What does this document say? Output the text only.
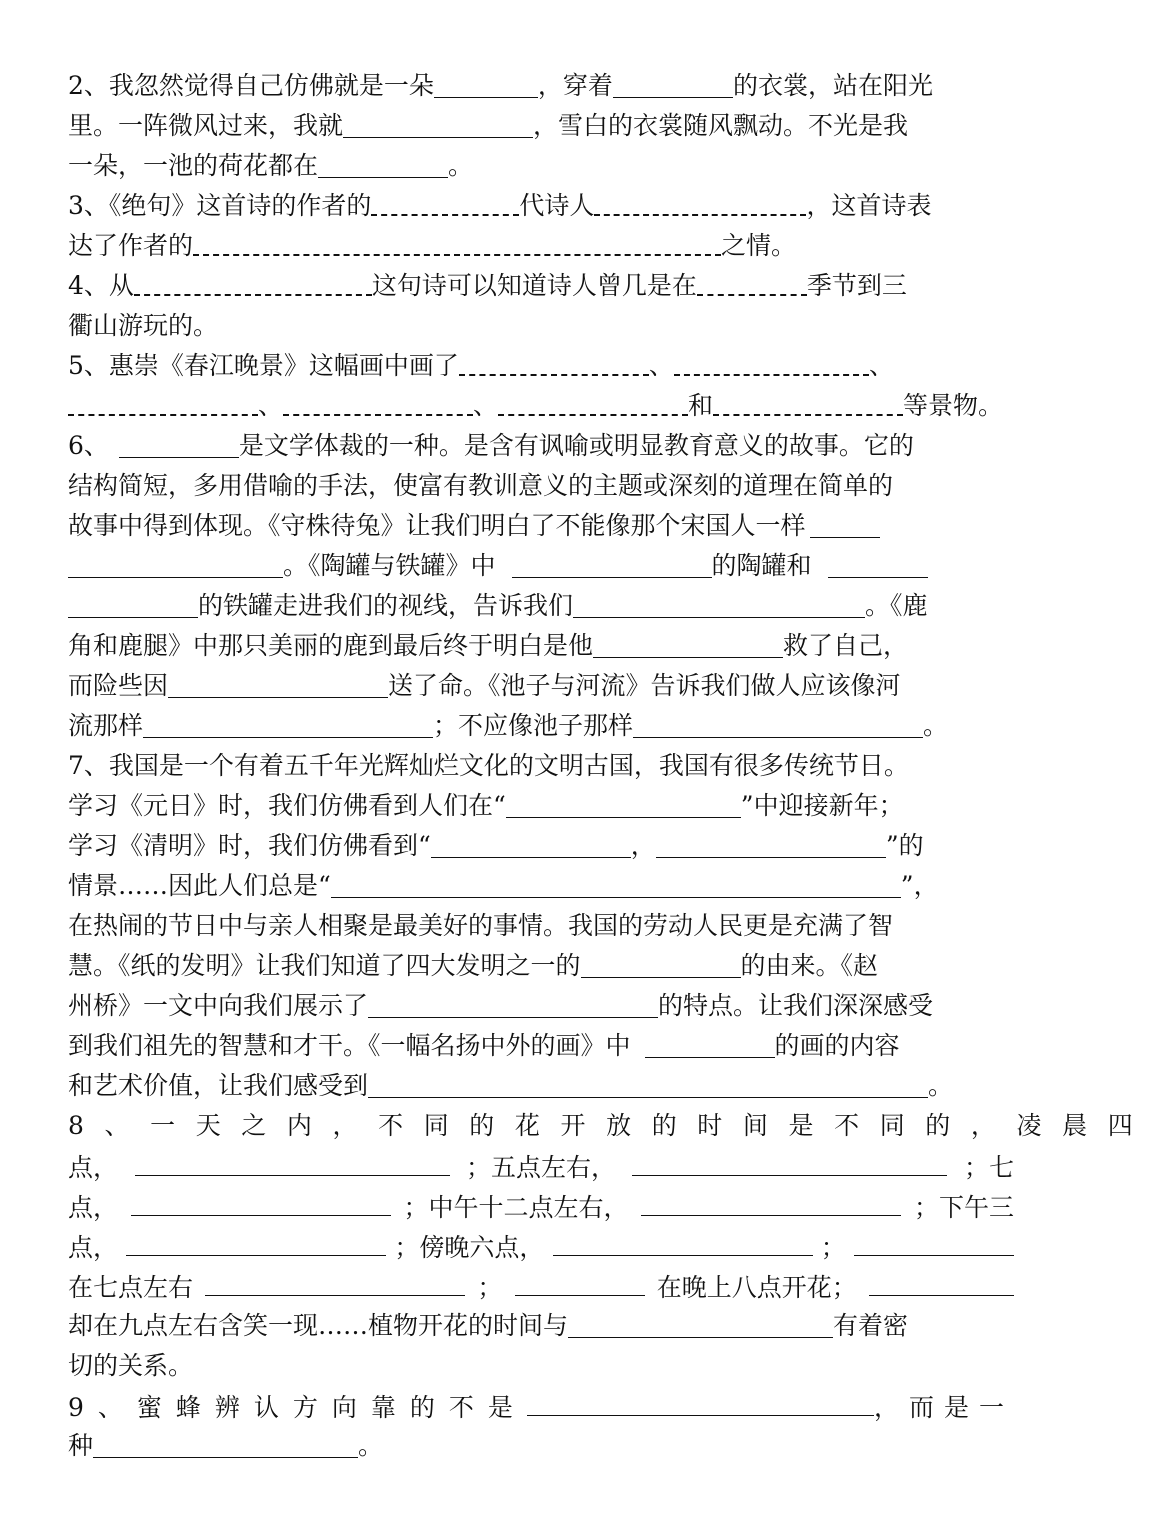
2、我忽然觉得自己仿佛就是一朵	，穿着	的衣裳，站在阳光
里。一阵微风过来，我就	，雪白的衣裳随风飘动。不光是我
一朵，一池的荷花都在	。
3、《绝句》这首诗的作者的	代诗人	，这首诗表
达了作者的	之情。
4、从	这句诗可以知道诗人曾几是在	季节到三
衢山游玩的。
5、惠崇《春江晚景》这幅画中画了	、	、
、	、	和	等景物。
6、	是文学体裁的一种。是含有讽喻或明显教育意义的故事。它的
结构简短，多用借喻的手法，使富有教训意义的主题或深刻的道理在简单的
故事中得到体现。《守株待兔》让我们明白了不能像那个宋国人一样
。《陶罐与铁罐》中	的陶罐和
的铁罐走进我们的视线，告诉我们	。《鹿
角和鹿腿》中那只美丽的鹿到最后终于明白是他	救了自己，
而险些因	送了命。《池子与河流》告诉我们做人应该像河
流那样	；不应像池子那样	。
7、我国是一个有着五千年光辉灿烂文化的文明古国，我国有很多传统节日。
学习《元日》时，我们仿佛看到人们在“	”中迎接新年；
学习《清明》时，我们仿佛看到“	，	”的
情景……因此人们总是“	”，
在热闹的节日中与亲人相聚是最美好的事情。我国的劳动人民更是充满了智
慧。《纸的发明》让我们知道了四大发明之一的	的由来。《赵
州桥》一文中向我们展示了	的特点。让我们深深感受
到我们祖先的智慧和才干。《一幅名扬中外的画》中	的画的内容
和艺术价值，让我们感受到	。
8、一天之内，不同的花开放的时间是不同的，凌晨四
点，	；五点左右，	；七
点，	；中午十二点左右，	；下午三
点，	；傍晚六点，	；
在七点左右	；	在晚上八点开花；
却在九点左右含笑一现……植物开花的时间与	有着密
切的关系。
9、蜜蜂辨认方向靠的不是	，而是一
种	。
